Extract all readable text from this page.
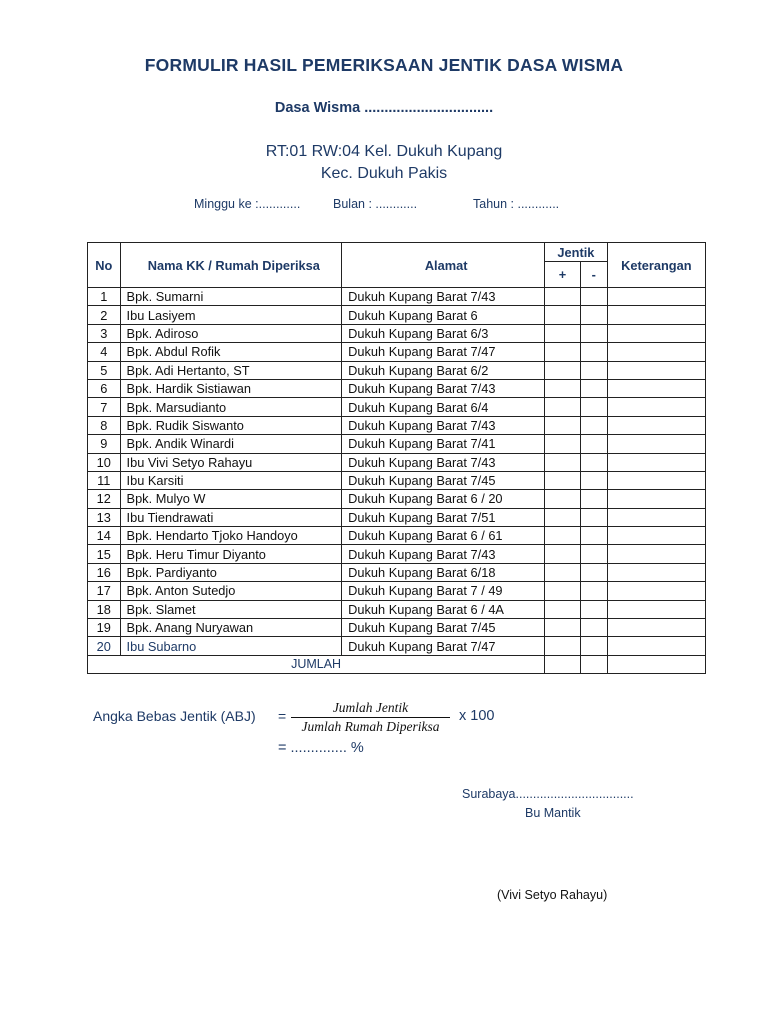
FORMULIR HASIL PEMERIKSAAN JENTIK DASA WISMA
Dasa Wisma ................................
RT:01 RW:04 Kel. Dukuh Kupang
Kec. Dukuh Pakis
Minggu ke :............	Bulan : ............	Tahun : ............
No	Nama KK / Rumah Diperiksa	Alamat	Jentik		Keterangan
			+	-	
1	Bpk. Sumarni	Dukuh Kupang Barat 7/43			
2	Ibu Lasiyem	Dukuh Kupang Barat 6			
3	Bpk. Adiroso	Dukuh Kupang Barat 6/3			
4	Bpk. Abdul Rofik	Dukuh Kupang Barat 7/47			
5	Bpk. Adi Hertanto, ST	Dukuh Kupang Barat 6/2			
6	Bpk. Hardik Sistiawan	Dukuh Kupang Barat 7/43			
7	Bpk. Marsudianto	Dukuh Kupang Barat 6/4			
8	Bpk. Rudik Siswanto	Dukuh Kupang Barat 7/43			
9	Bpk. Andik Winardi	Dukuh Kupang Barat 7/41			
10	Ibu Vivi Setyo Rahayu	Dukuh Kupang Barat 7/43			
11	Ibu Karsiti	Dukuh Kupang Barat 7/45			
12	Bpk. Mulyo W	Dukuh Kupang Barat 6 / 20			
13	Ibu Tiendrawati	Dukuh Kupang Barat 7/51			
14	Bpk. Hendarto Tjoko Handoyo	Dukuh Kupang Barat 6 / 61			
15	Bpk. Heru Timur Diyanto	Dukuh Kupang Barat 7/43			
16	Bpk. Pardiyanto	Dukuh Kupang Barat 6/18			
17	Bpk. Anton Sutedjo	Dukuh Kupang Barat 7 / 49			
18	Bpk. Slamet	Dukuh Kupang Barat 6 / 4A			
19	Bpk. Anang Nuryawan	Dukuh Kupang Barat 7/45			
20	Ibu Subarno	Dukuh Kupang Barat 7/47			
JUMLAH					
Angka Bebas Jentik (ABJ) =
Jumlah Jentik
Jumlah Rumah Diperiksa
x 100
= .............. %
Surabaya..................................
Bu Mantik
(Vivi Setyo Rahayu)
